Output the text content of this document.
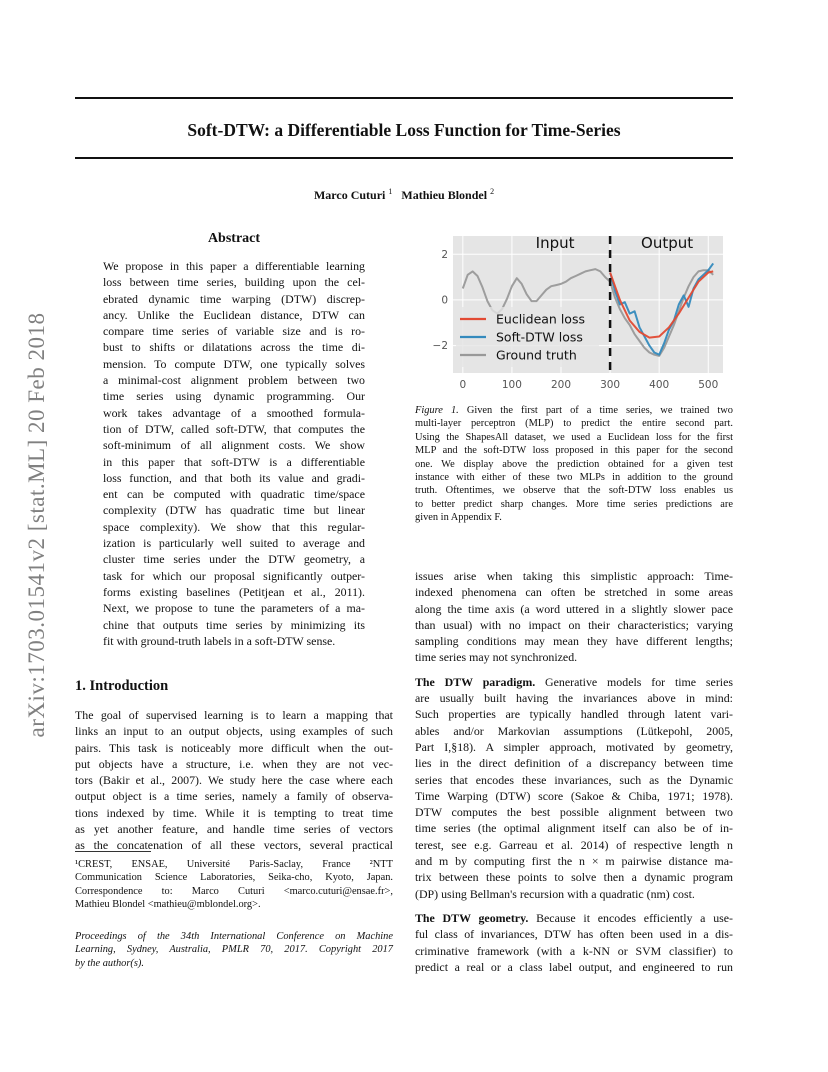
Soft-DTW: a Differentiable Loss Function for Time-Series
Marco Cuturi $^1$ Mathieu Blondel $^2$
arXiv:1703.01541v2 [stat.ML] 20 Feb 2018
Abstract

We propose in this paper a differentiable learning
loss between time series, building upon the cel-
ebrated dynamic time warping (DTW) discrep-
ancy. Unlike the Euclidean distance, DTW can
compare time series of variable size and is ro-
bust to shifts or dilatations across the time di-
mension. To compute DTW, one typically solves
a minimal-cost alignment problem between two
time series using dynamic programming. Our
work takes advantage of a smoothed formula-
tion of DTW, called soft-DTW, that computes the
soft-minimum of all alignment costs. We show
in this paper that soft-DTW is a differentiable
loss function, and that both its value and gradi-
ent can be computed with quadratic time/space
complexity (DTW has quadratic time but linear
space complexity). We show that this regular-
ization is particularly well suited to average and
cluster time series under the DTW geometry, a
task for which our proposal significantly outper-
forms existing baselines (Petitjean et al., 2011).
Next, we propose to tune the parameters of a ma-
chine that outputs time series by minimizing its
fit with ground-truth labels in a soft-DTW sense.

1. Introduction

The goal of supervised learning is to learn a mapping that
links an input to an output objects, using examples of such
pairs. This task is noticeably more difficult when the out-
put objects have a structure, i.e. when they are not vec-
tors (Bakir et al., 2007). We study here the case where each
output object is a time series, namely a family of observa-
tions indexed by time. While it is tempting to treat time
as yet another feature, and handle time series of vectors
as the concatenation of all these vectors, several practical

¹CREST, ENSAE, Université Paris-Saclay, France ²NTT
Communication Science Laboratories, Seika-cho, Kyoto, Japan.
Correspondence to: Marco Cuturi <marco.cuturi@ensae.fr>,
Mathieu Blondel <mathieu@mblondel.org>.

Proceedings of the 34th International Conference on Machine
Learning, Sydney, Australia, PMLR 70, 2017. Copyright 2017
by the author(s).

0	100	200	300	400	500
2
0
−2
Input	Output
Euclidean loss
Soft-DTW loss
Ground truth

Figure 1. Given the first part of a time series, we trained two
multi-layer perceptron (MLP) to predict the entire second part.
Using the ShapesAll dataset, we used a Euclidean loss for the first
MLP and the soft-DTW loss proposed in this paper for the second
one. We display above the prediction obtained for a given test
instance with either of these two MLPs in addition to the ground
truth. Oftentimes, we observe that the soft-DTW loss enables us
to better predict sharp changes. More time series predictions are
given in Appendix F.

issues arise when taking this simplistic approach: Time-
indexed phenomena can often be stretched in some areas
along the time axis (a word uttered in a slightly slower pace
than usual) with no impact on their characteristics; varying
sampling conditions may mean they have different lengths;
time series may not synchronized.

The DTW paradigm. Generative models for time series
are usually built having the invariances above in mind:
Such properties are typically handled through latent vari-
ables and/or Markovian assumptions (Lütkepohl, 2005,
Part I,§18). A simpler approach, motivated by geometry,
lies in the direct definition of a discrepancy between time
series that encodes these invariances, such as the Dynamic
Time Warping (DTW) score (Sakoe & Chiba, 1971; 1978).
DTW computes the best possible alignment between two
time series (the optimal alignment itself can also be of in-
terest, see e.g. Garreau et al. 2014) of respective length n
and m by computing first the n × m pairwise distance ma-
trix between these points to solve then a dynamic program
(DP) using Bellman's recursion with a quadratic (nm) cost.

The DTW geometry. Because it encodes efficiently a use-
ful class of invariances, DTW has often been used in a dis-
criminative framework (with a k-NN or SVM classifier) to
predict a real or a class label output, and engineered to run
